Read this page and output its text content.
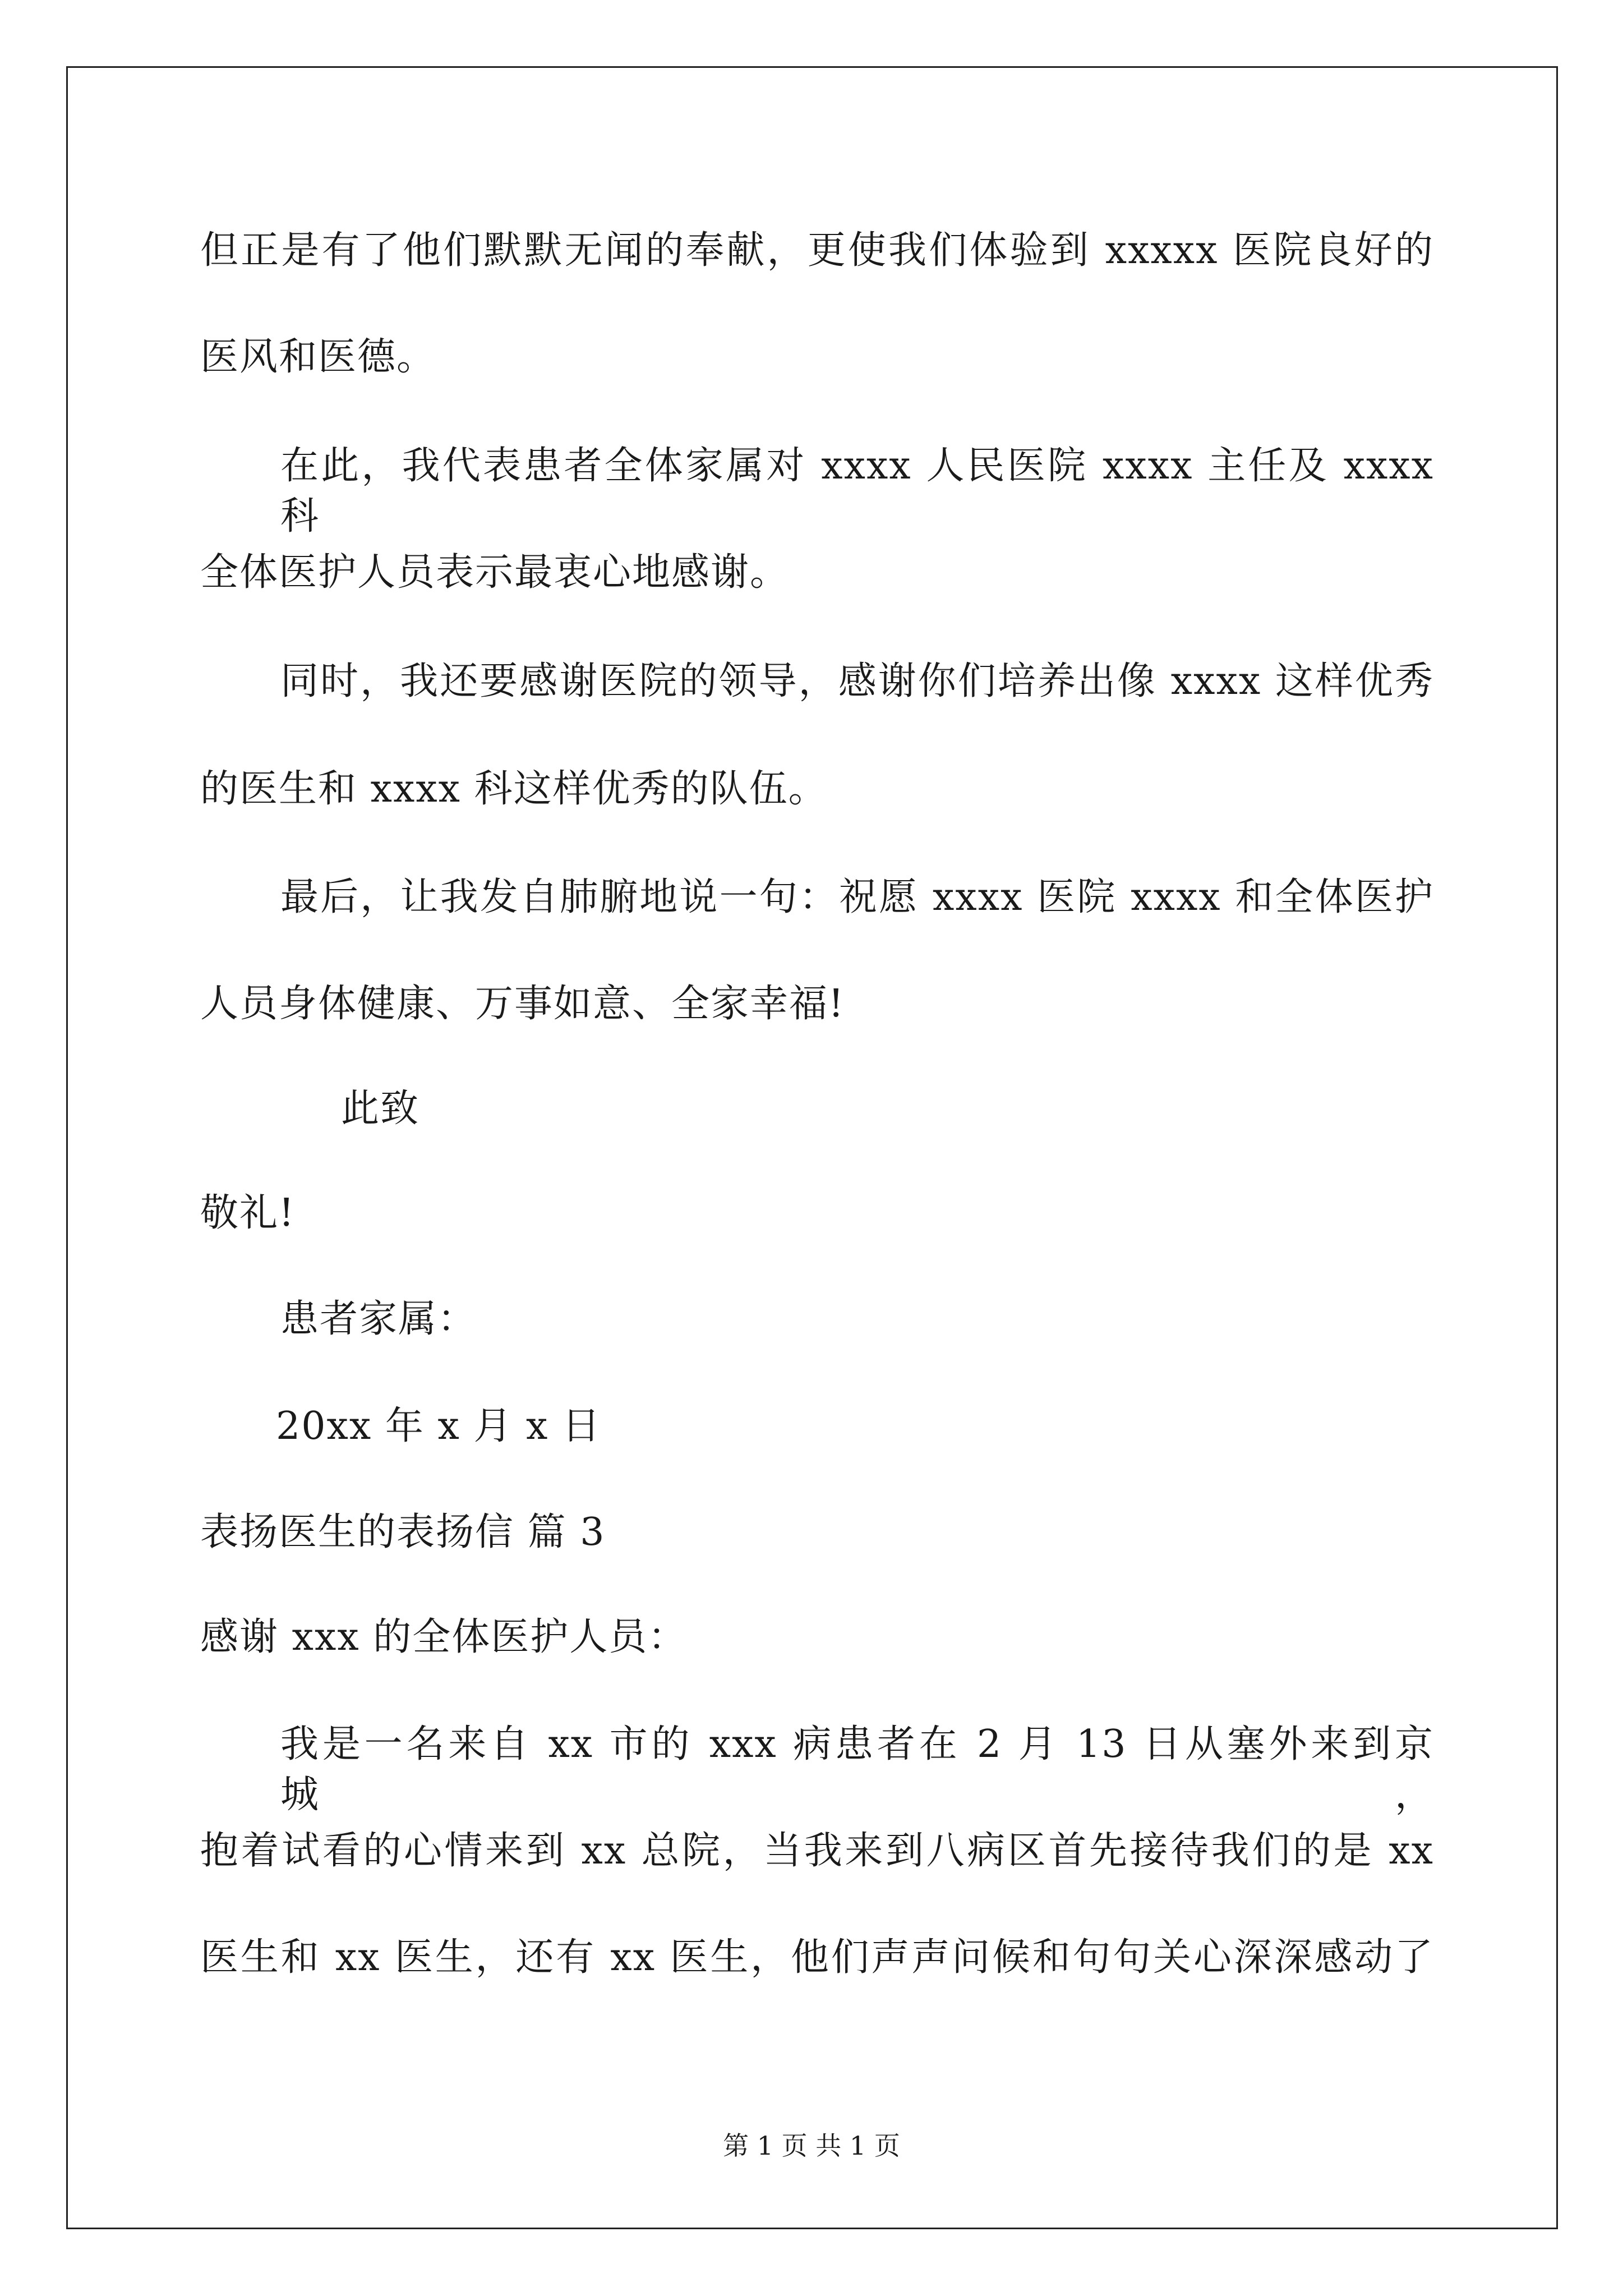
但正是有了他们默默无闻的奉献，更使我们体验到 xxxxx 医院良好的
医风和医德。
在此，我代表患者全体家属对 xxxx 人民医院 xxxx 主任及 xxxx 科
全体医护人员表示最衷心地感谢。
同时，我还要感谢医院的领导，感谢你们培养出像 xxxx 这样优秀
的医生和 xxxx 科这样优秀的队伍。
最后，让我发自肺腑地说一句：祝愿 xxxx 医院 xxxx 和全体医护
人员身体健康、万事如意、全家幸福!
此致
敬礼!
患者家属：
20xx 年 x 月 x 日
表扬医生的表扬信 篇 3
感谢 xxx 的全体医护人员：
我是一名来自 xx 市的 xxx 病患者在 2 月 13 日从塞外来到京城，
抱着试看的心情来到 xx 总院，当我来到八病区首先接待我们的是 xx
医生和 xx 医生，还有 xx 医生，他们声声问候和句句关心深深感动了
第 1 页 共 1 页
